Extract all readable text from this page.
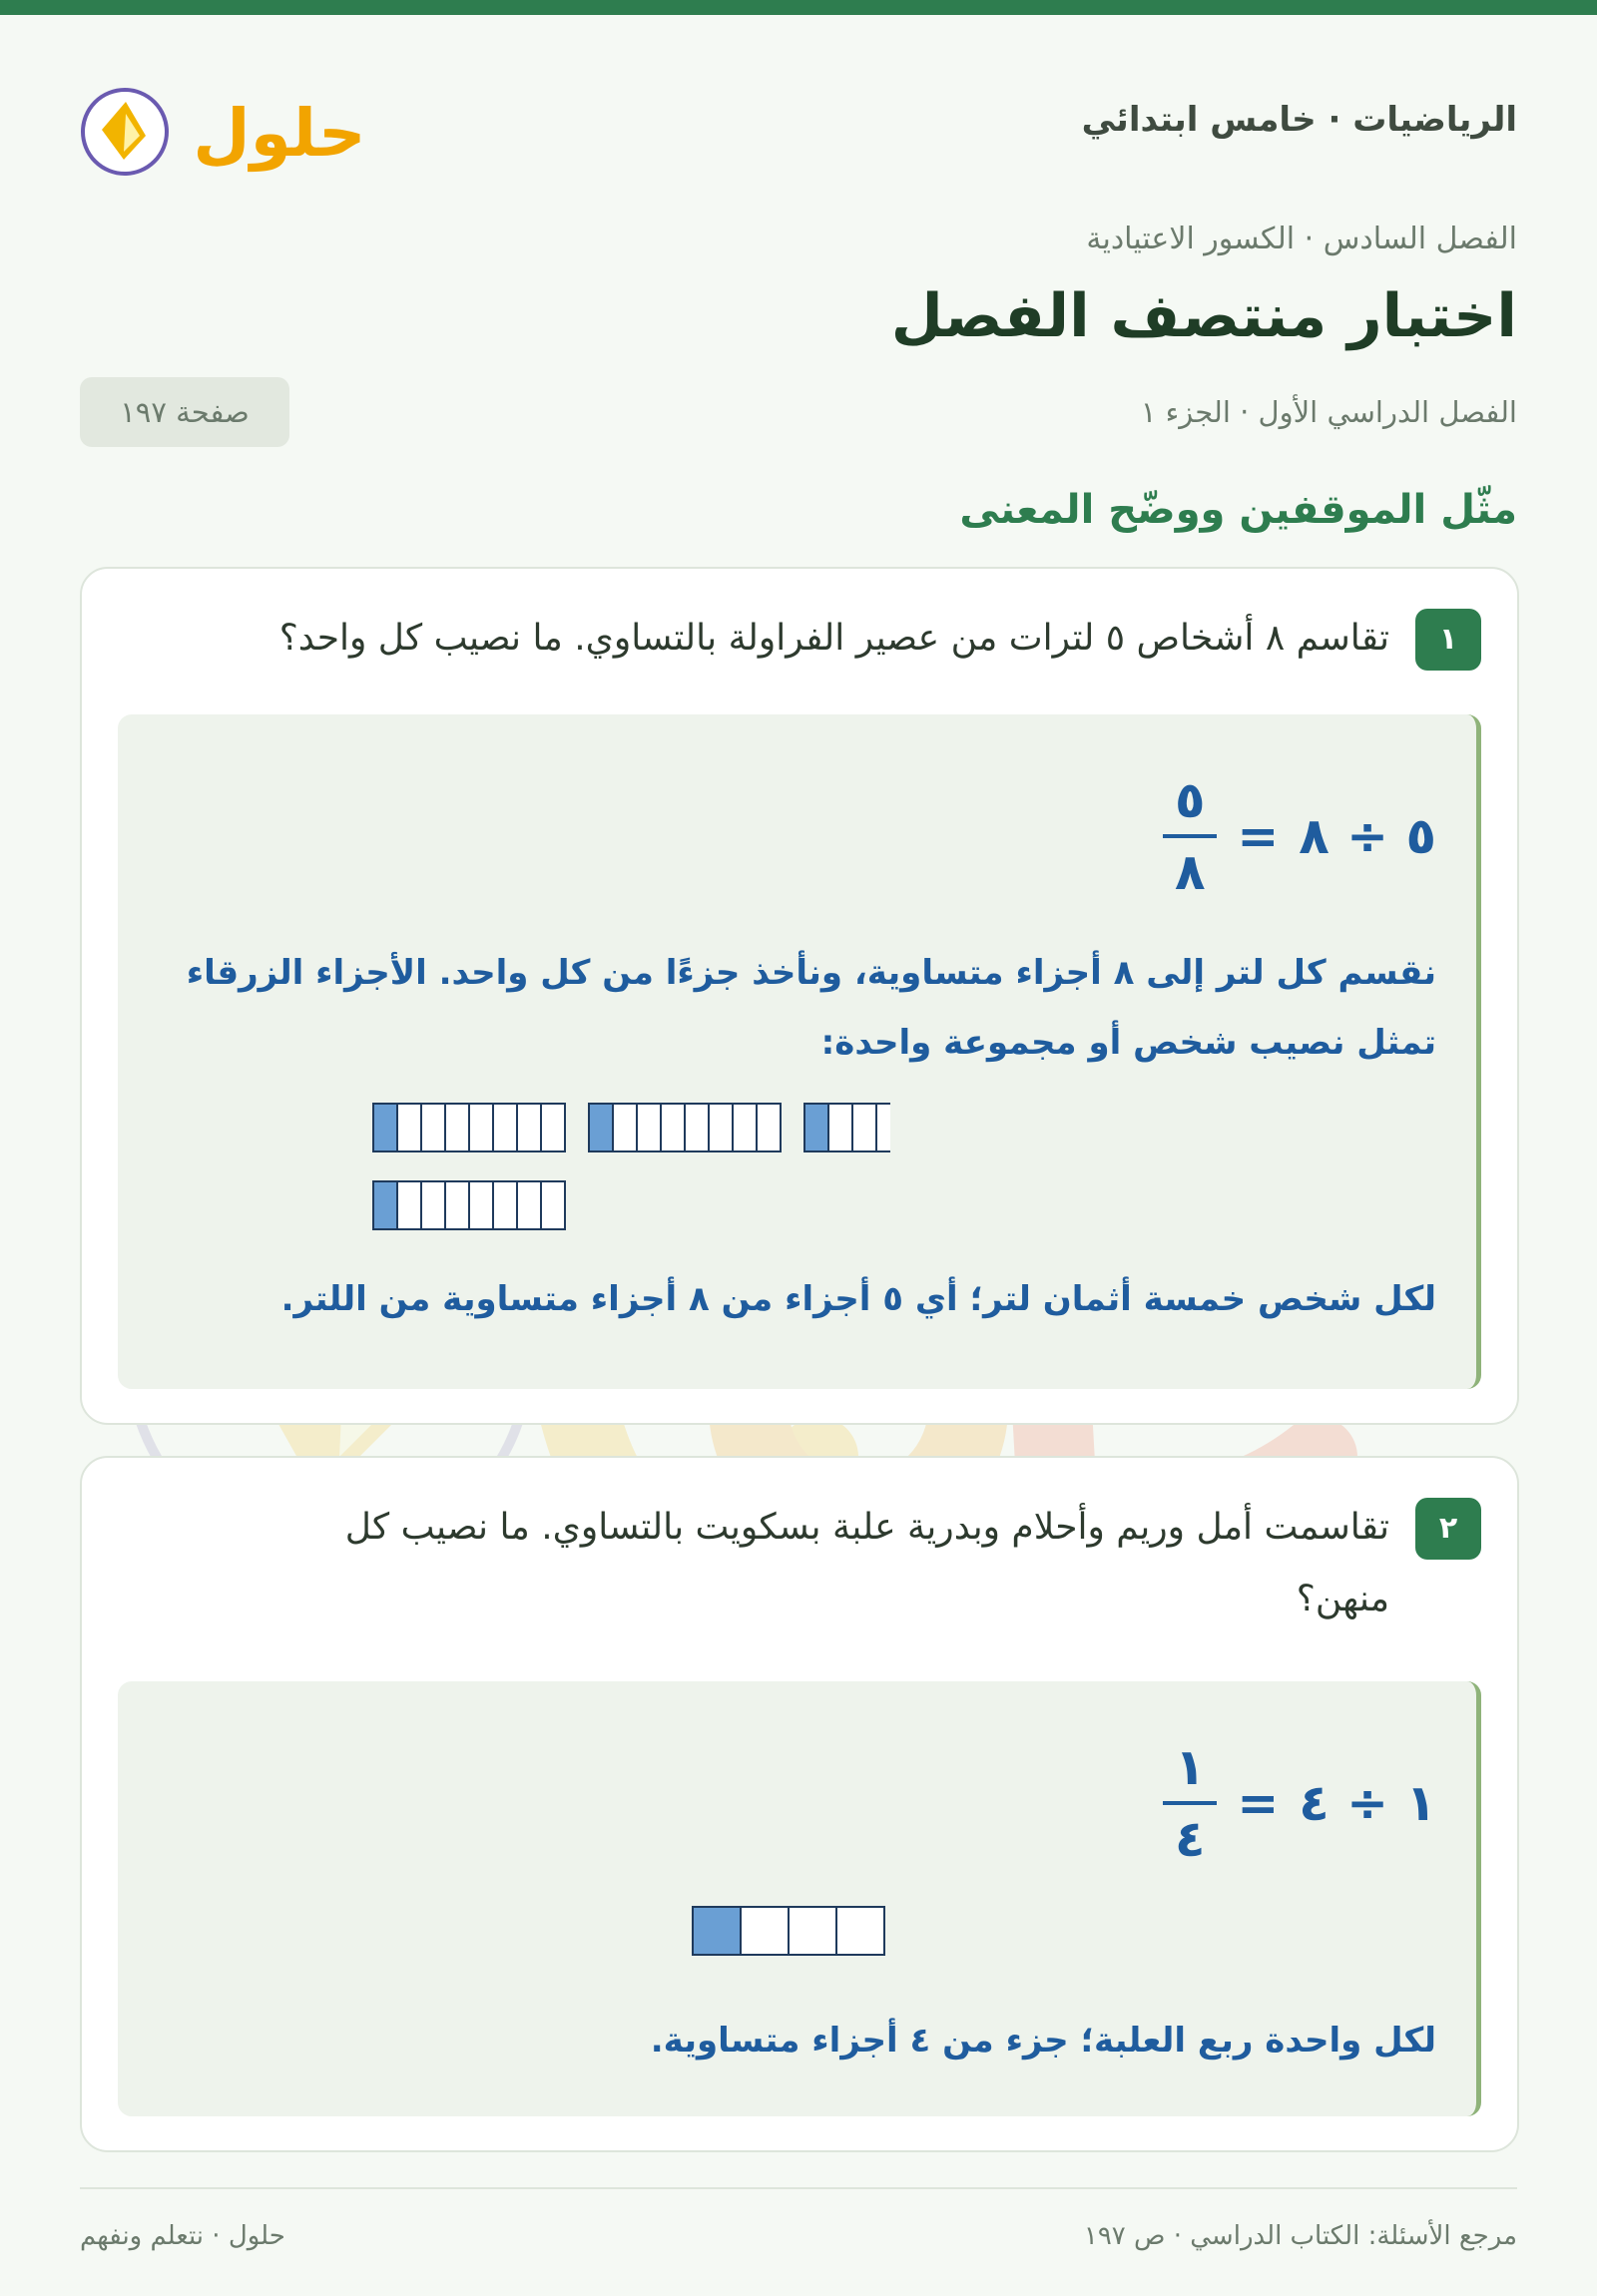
الرياضيات · خامس ابتدائي
حلول
الفصل السادس · الكسور الاعتيادية
اختبار منتصف الفصل
الفصل الدراسي الأول · الجزء ١
صفحة ١٩٧
مثّل الموقفين ووضّح المعنى
١
تقاسم ٨ أشخاص ٥ لترات من عصير الفراولة بالتساوي. ما نصيب كل واحد؟
٥ ÷ ٨
=
$\frac{٥}{٨}$
نقسم كل لتر إلى ٨ أجزاء متساوية، ونأخذ جزءًا من كل واحد. الأجزاء الزرقاء تمثل نصيب شخص أو مجموعة واحدة:
لكل شخص خمسة أثمان لتر؛ أي ٥ أجزاء من ٨ أجزاء متساوية من اللتر.
٢
تقاسمت أمل وريم وأحلام وبدرية علبة بسكويت بالتساوي. ما نصيب كل منهن؟
١ ÷ ٤
=
$\frac{١}{٤}$
لكل واحدة ربع العلبة؛ جزء من ٤ أجزاء متساوية.
مرجع الأسئلة: الكتاب الدراسي · ص ١٩٧
حلول · نتعلم ونفهم
